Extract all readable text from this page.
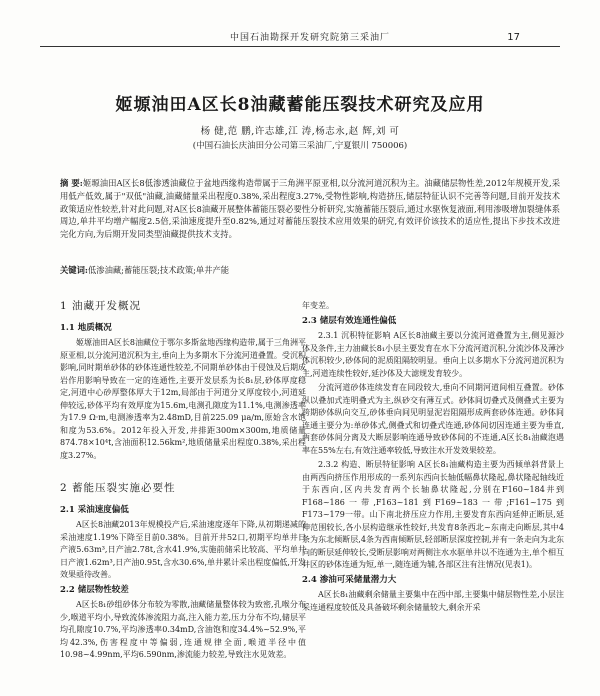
中国石油勘探开发研究院第三采油厂	17
姬塬油田A区长8油藏蓄能压裂技术研究及应用
杨 健,范 鹏,许志雄,江 涛,杨志永,赵 辉,刘 可
(中国石油长庆油田分公司第三采油厂,宁夏银川 750006)
摘 要:姬塬油田A区长8低渗透油藏位于盆地西缘构造带属于三角洲平原亚相,以分流河道沉积为主。油藏储层物性差,2012年规模开发,采用低产低效,属于"双低"油藏,油藏储量采出程度0.38%,采出程度3.27%,受物性影响,构造挤压,储层特征认识不完善等问题,目前开发技术政策适应性较差,针对此问题,对A区长8油藏开展整体蓄能压裂必要性分析研究,实施蓄能压裂后,通过水驱恢复液面,利用渗吸增加裂缝体系周边,单井平均增产幅度2.5倍,采油速度提升至0.82%,通过对蓄能压裂技术应用效果的研究,有效评价该技术的适应性,提出下步技术改进完化方向,为后期开发同类型油藏提供技术支持。
关键词:低渗油藏;蓄能压裂;技术政策;单井产能
1 油藏开发概况
1.1 地质概况
姬塬油田A区长8油藏位于鄂尔多斯盆地西缘构造带,属于三角洲平原亚相,以分流河道沉积为主,垂向上为多期水下分流河道叠置。受沉积影响,同时期单砂体的砂体连通性较差,不同期单砂体由于侵蚀及后期成岩作用影响导致在一定的连通性,主要开发层系为长8₁层,砂体厚度稳定,河道中心砂厚整体厚大于12m,局部由于河道分叉厚度较小,河道延伸较远,砂体平均有效厚度为15.6m,电测孔隙度为11.1%,电测渗透率为17.9 Ω·m,电测渗透率为2.48mD,目前225.09 μa/m,原始含水饱和度为53.6%。2012年投入开发,井排距300m×300m,地质储量874.78×10⁴t,含油面积12.56km²,地质储量采出程度0.38%,采出程度3.27%。
2 蓄能压裂实施必要性
2.1 采油速度偏低
A区长8油藏2013年规模投产后,采油速度逐年下降,从初期递减的采油速度1.19%下降至目前0.38%。目前开井52口,初期平均单井日产液5.63m³,日产油2.78t,含水41.9%,实施前储采比较高、平均单井日产液1.62m³,日产油0.95t,含水30.6%,单井累计采出程度偏低,开发效果亟待改善。
2.2 储层物性较差
A区长8₁砂组砂体分布较为零散,油藏储量整体较为致密,孔喉分布少,喉道平均小,导致流体渗流阻力高,注入能力差,压力分布不均,储层平均孔隙度10.7%,平均渗透率0.34mD,含油饱和度34.4%~52.9%,平均42.3%,伤害程度中等偏弱,连通规律全面,喉道半径中值10.98~4.99nm,平均6.590nm,渗流能力较差,导致注水见效差。
年变差。
2.3 储层有效连通性偏低
2.3.1 沉积特征影响 A区长8油藏主要以分流河道叠置为主,侧见源沙体及条件,主力油藏长8₁小层主要发育在水下分流河道沉积,分流沙体及薄沙体沉积较少,砂体间的泥质阻隔较明显。垂向上以多期水下分流河道沉积为主,河道连续性较好,延沙体及大滤规发育较少。
分流河道砂体连续发育在同段较大,垂向不同期河道间相互叠置。砂体纵以叠加式连明叠式为主,纵砂交有薄互式。砂体间切叠式及侧叠式主要为跨期砂体纵向交互,砂体垂向间见明显泥岩阻隔形成两套砂体连通。砂体间连通主要分为:单砂体式,侧叠式和切叠式连通,砂体间切因连通主要为垂直,两套砂体间分离及大断层影响连通导致砂体间的不连通,A区长8₁油藏泡遇率在55%左右,有效注通率较低,导致注水开发效果较差。
2.3.2 构造、断层特征影响 A区长8₁油藏构造主要为西倾单斜背景上由两西向挤压作用形成的一系列东西向长轴低幅鼻状隆起,鼻状隆起轴线近于东西向,区内共发育两个长轴鼻状隆起,分别在F160~184井到F168~186一带,F163~181到F169~183一带;F161~175到F173~179一带。山下南北挤压应力作用,主要发育东西向延伸正断层,延伸范围较长,各小层构造继承性较好,共发育8条西北~东南走向断层,其中4条为东北倾断层,4条为西南倾断层,轻部断层深度控制,并有一条走向为北东向的断层延伸较长,受断层影响对两侧注水水驱单井以不连通为主,单个相互井区的砂体连通为短,单一,随连通为辅,各部区注有注情况(见表1)。
2.4 渗油可采储量潜力大
A区长8₁油藏剩余储量主要集中在西中部,主要集中储层物性差,小层注采连通程度较低及具备破坏剩余储量较大,剩余开采
